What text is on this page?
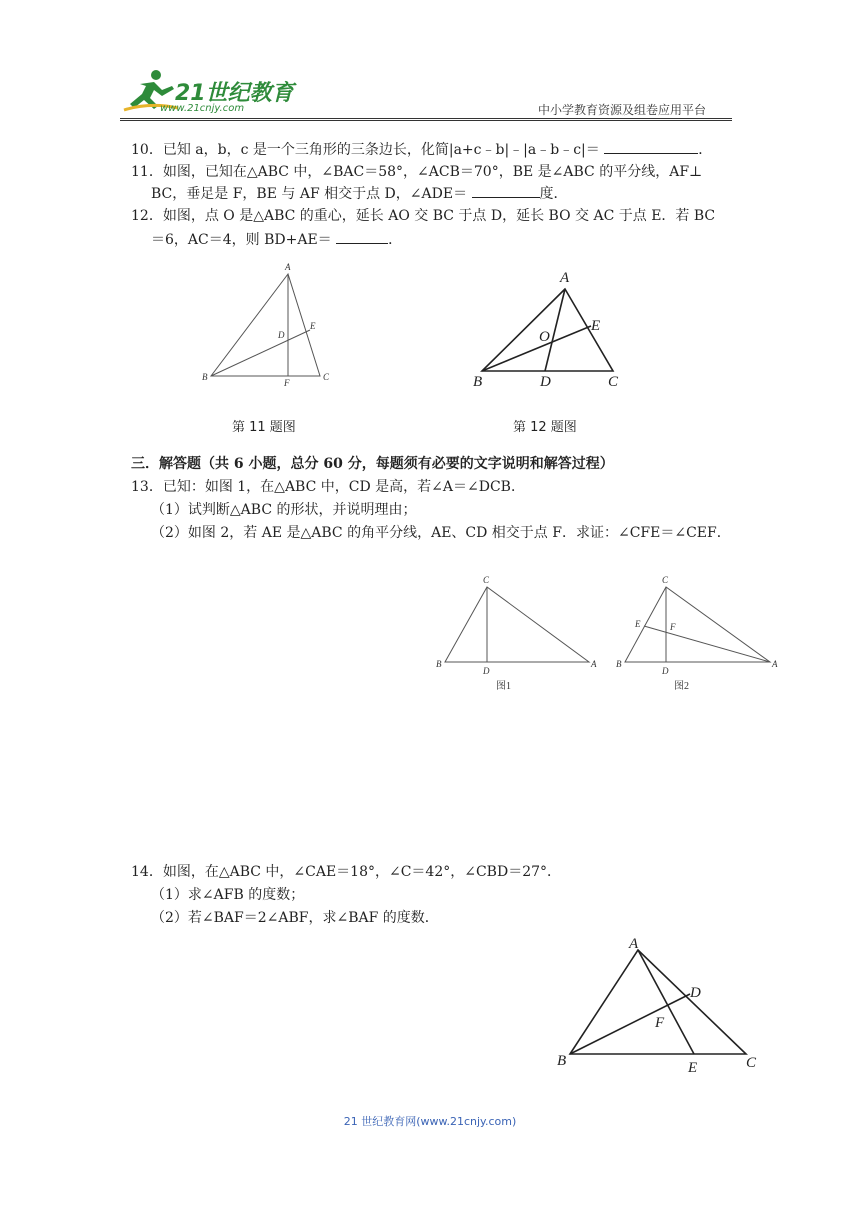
21世纪教育
www.21cnjy.com	中小学教育资源及组卷应用平台
10．已知 a，b，c 是一个三角形的三条边长，化简|a+c﹣b|﹣|a﹣b﹣c|＝	．
11．如图，已知在△ABC 中，∠BAC＝58°，∠ACB＝70°，BE 是∠ABC 的平分线，AF⊥
BC，垂足是 F，BE 与 AF 相交于点 D，∠ADE＝	度．
12．如图，点 O 是△ABC 的重心，延长 AO 交 BC 于点 D，延长 BO 交 AC 于点 E．若 BC
＝6，AC＝4，则 BD+AE＝	．
A
B	C
D
E
F
第 11 题图
A
B	C
D
E
O
第 12 题图
三．解答题（共 6 小题，总分 60 分，每题须有必要的文字说明和解答过程）
13．已知：如图 1，在△ABC 中，CD 是高，若∠A＝∠DCB．
（1）试判断△ABC 的形状，并说明理由；
（2）如图 2，若 AE 是△ABC 的角平分线，AE、CD 相交于点 F．求证：∠CFE＝∠CEF．
C
B
D
A
图1
C
E	F
B
D
A
图2
14．如图，在△ABC 中，∠CAE＝18°，∠C＝42°，∠CBD＝27°．
（1）求∠AFB 的度数；
（2）若∠BAF＝2∠ABF，求∠BAF 的度数．
A
D
F
B	E	C
21 世纪教育网(www.21cnjy.com)
